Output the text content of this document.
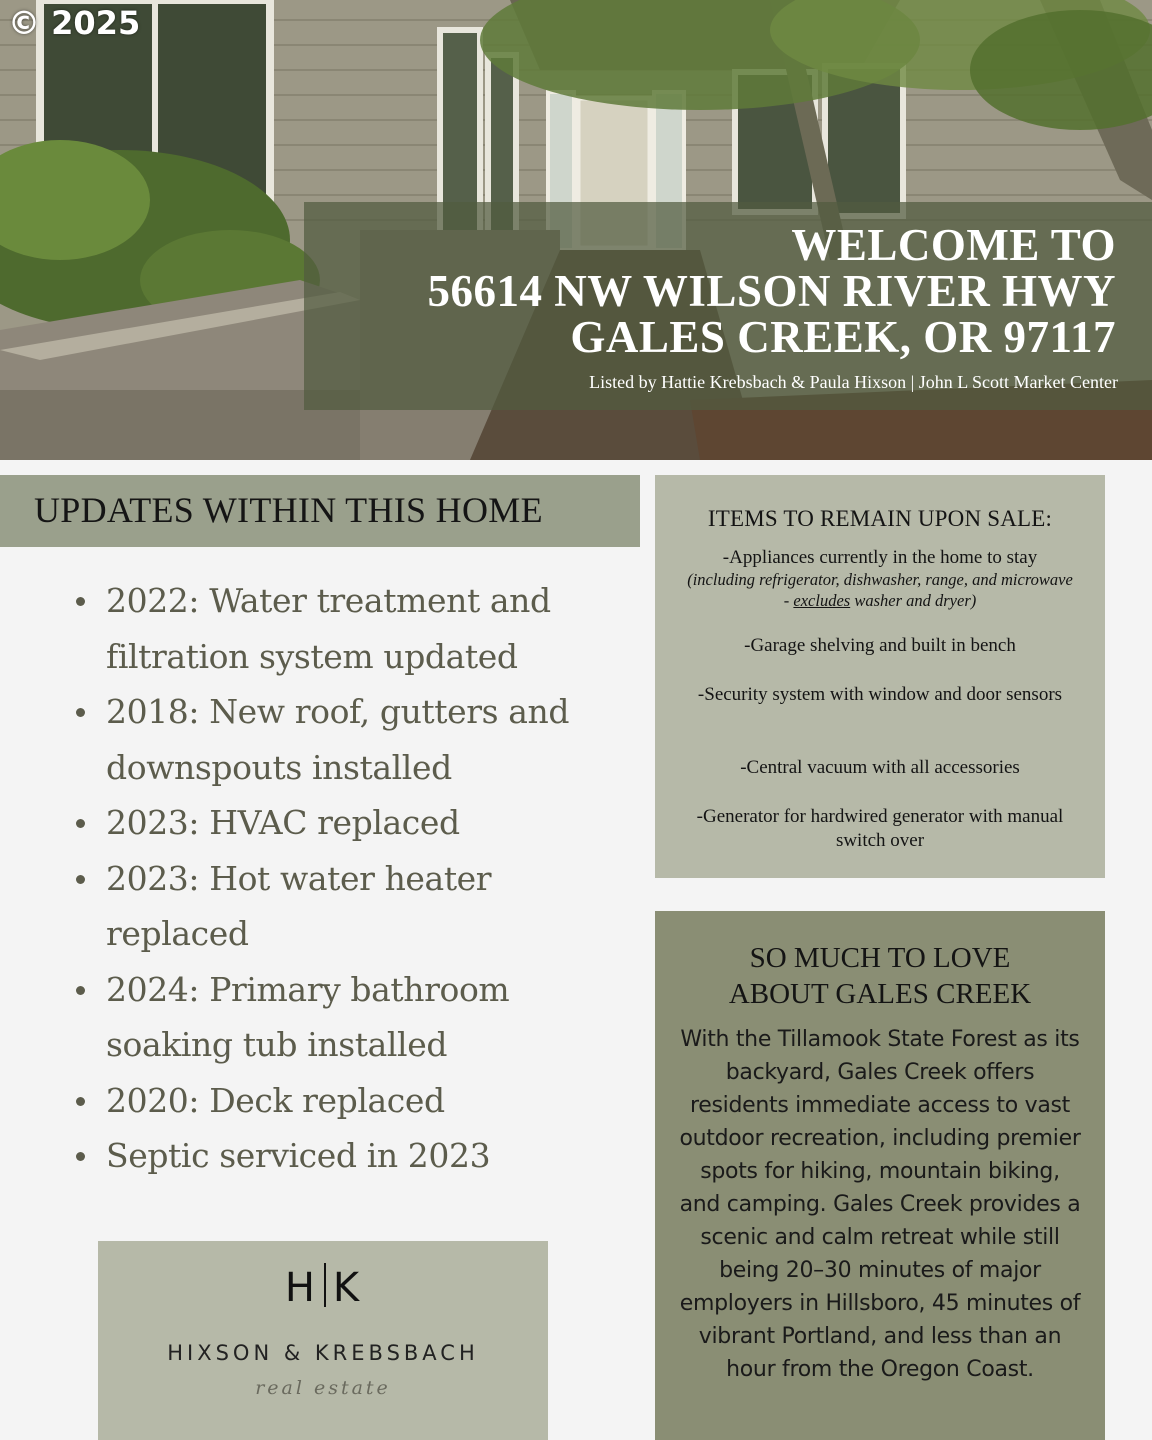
© 2025
WELCOME TO
56614 NW WILSON RIVER HWY
GALES CREEK, OR 97117
Listed by Hattie Krebsbach & Paula Hixson | John L Scott Market Center
UPDATES WITHIN THIS HOME
2022: Water treatment and filtration system updated
2018: New roof, gutters and downspouts installed
2023: HVAC replaced
2023: Hot water heater replaced
2024: Primary bathroom soaking tub installed
2020: Deck replaced
Septic serviced in 2023
H K
HIXSON & KREBSBACH
real estate
ITEMS TO REMAIN UPON SALE:
-Appliances currently in the home to stay
(including refrigerator, dishwasher, range, and microwave - excludes washer and dryer)
-Garage shelving and built in bench
-Security system with window and door sensors
-Central vacuum with all accessories
-Generator for hardwired generator with manual switch over
SO MUCH TO LOVE
ABOUT GALES CREEK
With the Tillamook State Forest as its backyard, Gales Creek offers residents immediate access to vast outdoor recreation, including premier spots for hiking, mountain biking, and camping. Gales Creek provides a scenic and calm retreat while still being 20–30 minutes of major employers in Hillsboro, 45 minutes of vibrant Portland, and less than an hour from the Oregon Coast.
